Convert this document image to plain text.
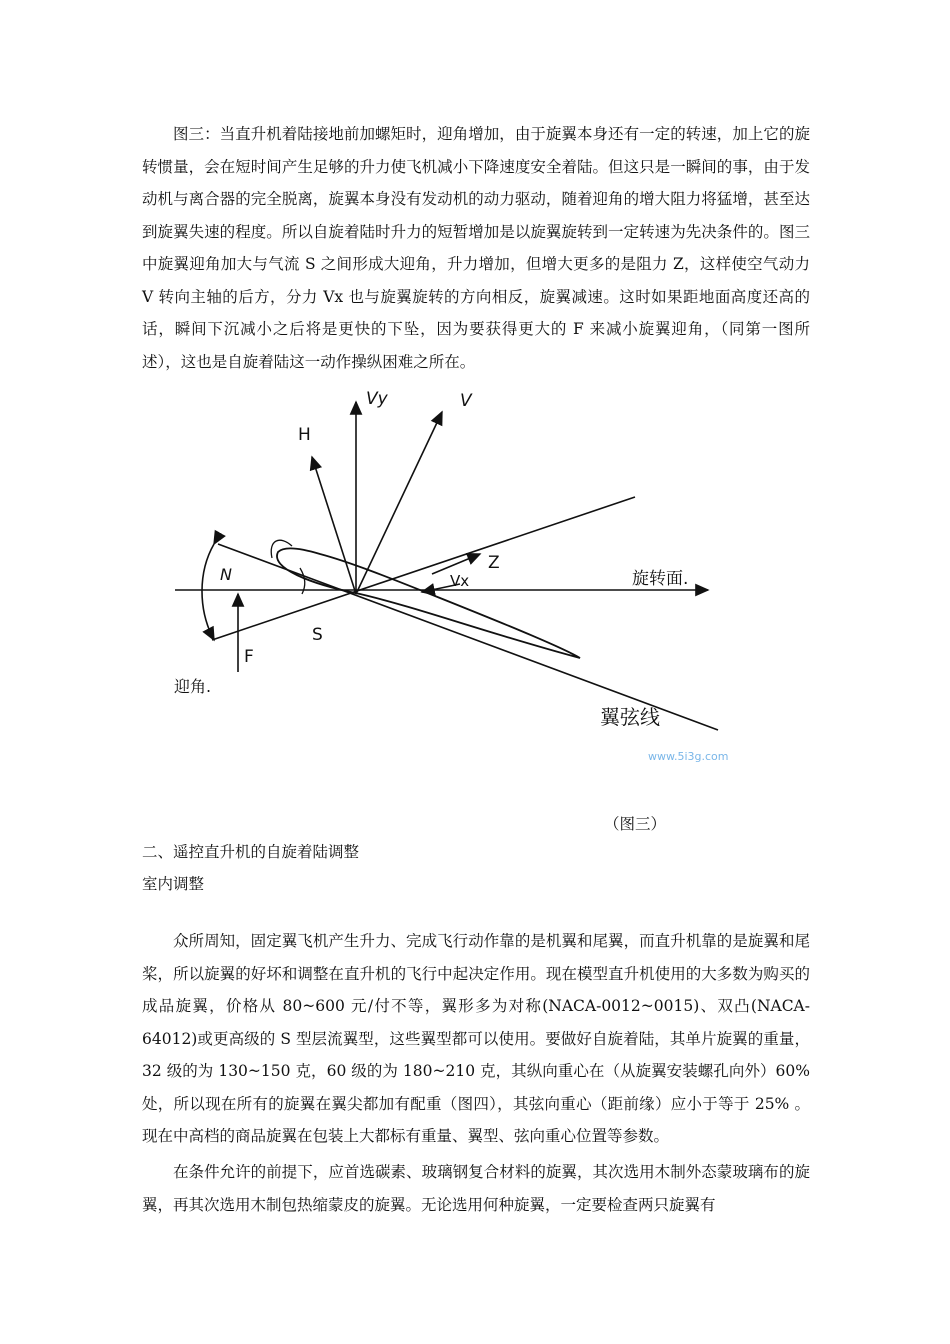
图三：当直升机着陆接地前加螺矩时，迎角增加，由于旋翼本身还有一定的转速，加上它的旋转惯量，会在短时间产生足够的升力使飞机减小下降速度安全着陆。但这只是一瞬间的事，由于发动机与离合器的完全脱离，旋翼本身没有发动机的动力驱动，随着迎角的增大阻力将猛增，甚至达到旋翼失速的程度。所以自旋着陆时升力的短暂增加是以旋翼旋转到一定转速为先决条件的。图三中旋翼迎角加大与气流 S 之间形成大迎角，升力增加，但增大更多的是阻力 Z，这样使空气动力 V 转向主轴的后方，分力 Vx 也与旋翼旋转的方向相反，旋翼减速。这时如果距地面高度还高的话，瞬间下沉减小之后将是更快的下坠，因为要获得更大的 F 来减小旋翼迎角，（同第一图所述），这也是自旋着陆这一动作操纵困难之所在。

H
Vy	V
Z
Vx
N
S
F
旋转面.
翼弦线
迎角.
www.5i3g.com
（图三）
二、遥控直升机的自旋着陆调整
室内调整

众所周知，固定翼飞机产生升力、完成飞行动作靠的是机翼和尾翼，而直升机靠的是旋翼和尾桨，所以旋翼的好坏和调整在直升机的飞行中起决定作用。现在模型直升机使用的大多数为购买的成品旋翼，价格从 80~600 元/付不等，翼形多为对称(NACA-0012~0015)、双凸(NACA-64012)或更高级的 S 型层流翼型，这些翼型都可以使用。要做好自旋着陆，其单片旋翼的重量，32 级的为 130~150 克，60 级的为 180~210 克，其纵向重心在（从旋翼安装螺孔向外）60% 处，所以现在所有的旋翼在翼尖都加有配重（图四），其弦向重心（距前缘）应小于等于 25% 。现在中高档的商品旋翼在包装上大都标有重量、翼型、弦向重心位置等参数。

在条件允许的前提下，应首选碳素、玻璃钢复合材料的旋翼，其次选用木制外态蒙玻璃布的旋翼，再其次选用木制包热缩蒙皮的旋翼。无论选用何种旋翼，一定要检查两只旋翼有
